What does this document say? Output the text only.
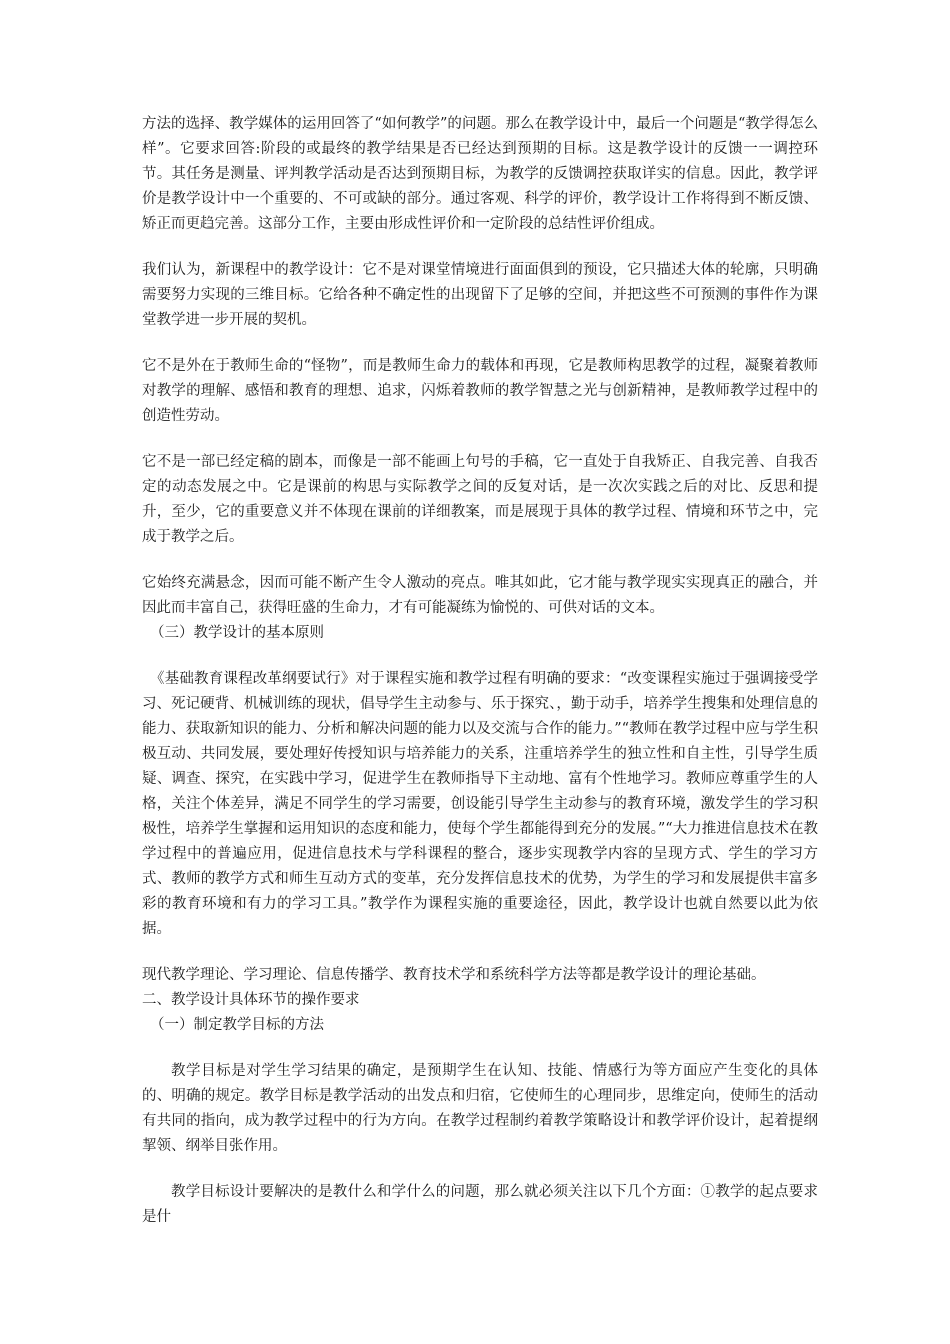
方法的选择、教学媒体的运用回答了“如何教学”的问题。那么在教学设计中，最后一个问题是“教学得怎么样”。它要求回答:阶段的或最终的教学结果是否已经达到预期的目标。这是教学设计的反馈一一调控环节。其任务是测量、评判教学活动是否达到预期目标，为教学的反馈调控获取详实的信息。因此，教学评价是教学设计中一个重要的、不可或缺的部分。通过客观、科学的评价，教学设计工作将得到不断反馈、矫正而更趋完善。这部分工作，主要由形成性评价和一定阶段的总结性评价组成。

我们认为，新课程中的教学设计：它不是对课堂情境进行面面俱到的预设，它只描述大体的轮廓，只明确需要努力实现的三维目标。它给各种不确定性的出现留下了足够的空间，并把这些不可预测的事件作为课堂教学进一步开展的契机。

它不是外在于教师生命的“怪物”，而是教师生命力的载体和再现，它是教师构思教学的过程，凝聚着教师对教学的理解、感悟和教育的理想、追求，闪烁着教师的教学智慧之光与创新精神，是教师教学过程中的创造性劳动。

它不是一部已经定稿的剧本，而像是一部不能画上句号的手稿，它一直处于自我矫正、自我完善、自我否定的动态发展之中。它是课前的构思与实际教学之间的反复对话，是一次次实践之后的对比、反思和提升，至少，它的重要意义并不体现在课前的详细教案，而是展现于具体的教学过程、情境和环节之中，完成于教学之后。

它始终充满悬念，因而可能不断产生令人激动的亮点。唯其如此，它才能与教学现实实现真正的融合，并因此而丰富自己，获得旺盛的生命力，才有可能凝练为愉悦的、可供对话的文本。

（三）教学设计的基本原则

《基础教育课程改革纲要试行》对于课程实施和教学过程有明确的要求：“改变课程实施过于强调接受学习、死记硬背、机械训练的现状，倡导学生主动参与、乐于探究、，勤于动手，培养学生搜集和处理信息的能力、获取新知识的能力、分析和解决问题的能力以及交流与合作的能力。”“教师在教学过程中应与学生积极互动、共同发展，要处理好传授知识与培养能力的关系，注重培养学生的独立性和自主性，引导学生质疑、调查、探究，在实践中学习，促进学生在教师指导下主动地、富有个性地学习。教师应尊重学生的人格，关注个体差异，满足不同学生的学习需要，创设能引导学生主动参与的教育环境，激发学生的学习积极性，培养学生掌握和运用知识的态度和能力，使每个学生都能得到充分的发展。”“大力推进信息技术在教学过程中的普遍应用，促进信息技术与学科课程的整合，逐步实现教学内容的呈现方式、学生的学习方式、教师的教学方式和师生互动方式的变革，充分发挥信息技术的优势，为学生的学习和发展提供丰富多彩的教育环境和有力的学习工具。”教学作为课程实施的重要途径，因此，教学设计也就自然要以此为依据。

现代教学理论、学习理论、信息传播学、教育技术学和系统科学方法等都是教学设计的理论基础。

二、教学设计具体环节的操作要求

（一）制定教学目标的方法

教学目标是对学生学习结果的确定，是预期学生在认知、技能、情感行为等方面应产生变化的具体的、明确的规定。教学目标是教学活动的出发点和归宿，它使师生的心理同步，思维定向，使师生的活动有共同的指向，成为教学过程中的行为方向。在教学过程制约着教学策略设计和教学评价设计，起着提纲挈领、纲举目张作用。

教学目标设计要解决的是教什么和学什么的问题，那么就必须关注以下几个方面：①教学的起点要求是什
